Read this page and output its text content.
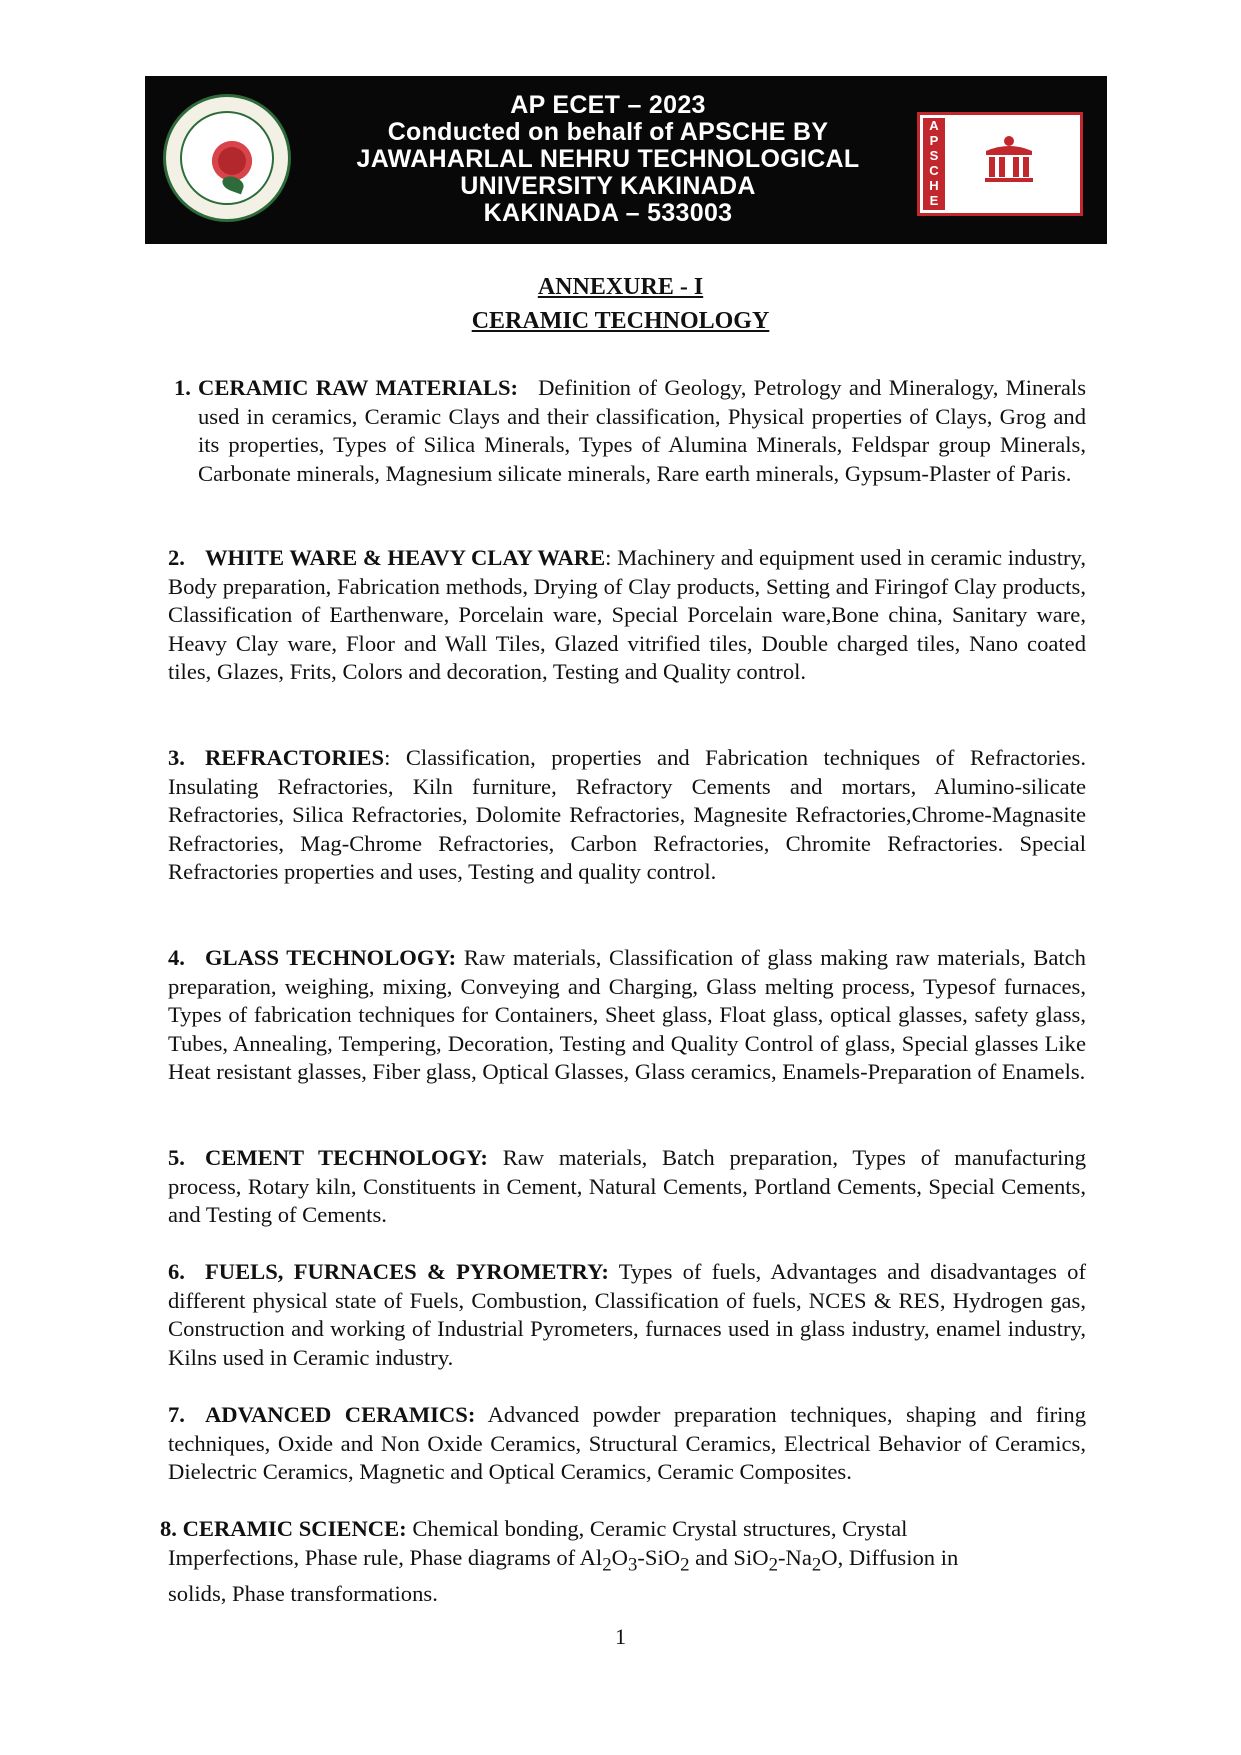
AP ECET – 2023
Conducted on behalf of APSCHE BY
JAWAHARLAL NEHRU TECHNOLOGICAL
UNIVERSITY KAKINADA
KAKINADA – 533003
A
P
S
C
H
E
ANNEXURE - I
CERAMIC TECHNOLOGY
1. CERAMIC RAW MATERIALS: Definition of Geology, Petrology and Mineralogy, Minerals used in ceramics, Ceramic Clays and their classification, Physical properties of Clays, Grog and its properties, Types of Silica Minerals, Types of Alumina Minerals, Feldspar group Minerals, Carbonate minerals, Magnesium silicate minerals, Rare earth minerals, Gypsum-Plaster of Paris.
2. WHITE WARE & HEAVY CLAY WARE: Machinery and equipment used in ceramic industry, Body preparation, Fabrication methods, Drying of Clay products, Setting and Firingof Clay products, Classification of Earthenware, Porcelain ware, Special Porcelain ware,Bone china, Sanitary ware, Heavy Clay ware, Floor and Wall Tiles, Glazed vitrified tiles, Double charged tiles, Nano coated tiles, Glazes, Frits, Colors and decoration, Testing and Quality control.
3. REFRACTORIES: Classification, properties and Fabrication techniques of Refractories. Insulating Refractories, Kiln furniture, Refractory Cements and mortars, Alumino-silicate Refractories, Silica Refractories, Dolomite Refractories, Magnesite Refractories,Chrome-Magnasite Refractories, Mag-Chrome Refractories, Carbon Refractories, Chromite Refractories. Special Refractories properties and uses, Testing and quality control.
4. GLASS TECHNOLOGY: Raw materials, Classification of glass making raw materials, Batch preparation, weighing, mixing, Conveying and Charging, Glass melting process, Typesof furnaces, Types of fabrication techniques for Containers, Sheet glass, Float glass, optical glasses, safety glass, Tubes, Annealing, Tempering, Decoration, Testing and Quality Control of glass, Special glasses Like Heat resistant glasses, Fiber glass, Optical Glasses, Glass ceramics, Enamels-Preparation of Enamels.
5. CEMENT TECHNOLOGY: Raw materials, Batch preparation, Types of manufacturing process, Rotary kiln, Constituents in Cement, Natural Cements, Portland Cements, Special Cements, and Testing of Cements.
6. FUELS, FURNACES & PYROMETRY: Types of fuels, Advantages and disadvantages of different physical state of Fuels, Combustion, Classification of fuels, NCES & RES, Hydrogen gas, Construction and working of Industrial Pyrometers, furnaces used in glass industry, enamel industry, Kilns used in Ceramic industry.
7. ADVANCED CERAMICS: Advanced powder preparation techniques, shaping and firing techniques, Oxide and Non Oxide Ceramics, Structural Ceramics, Electrical Behavior of Ceramics, Dielectric Ceramics, Magnetic and Optical Ceramics, Ceramic Composites.
8. CERAMIC SCIENCE: Chemical bonding, Ceramic Crystal structures, Crystal
Imperfections, Phase rule, Phase diagrams of $Al_2O_3-SiO_2$ and $SiO_2-Na_2O$, Diffusion in
solids, Phase transformations.
1
